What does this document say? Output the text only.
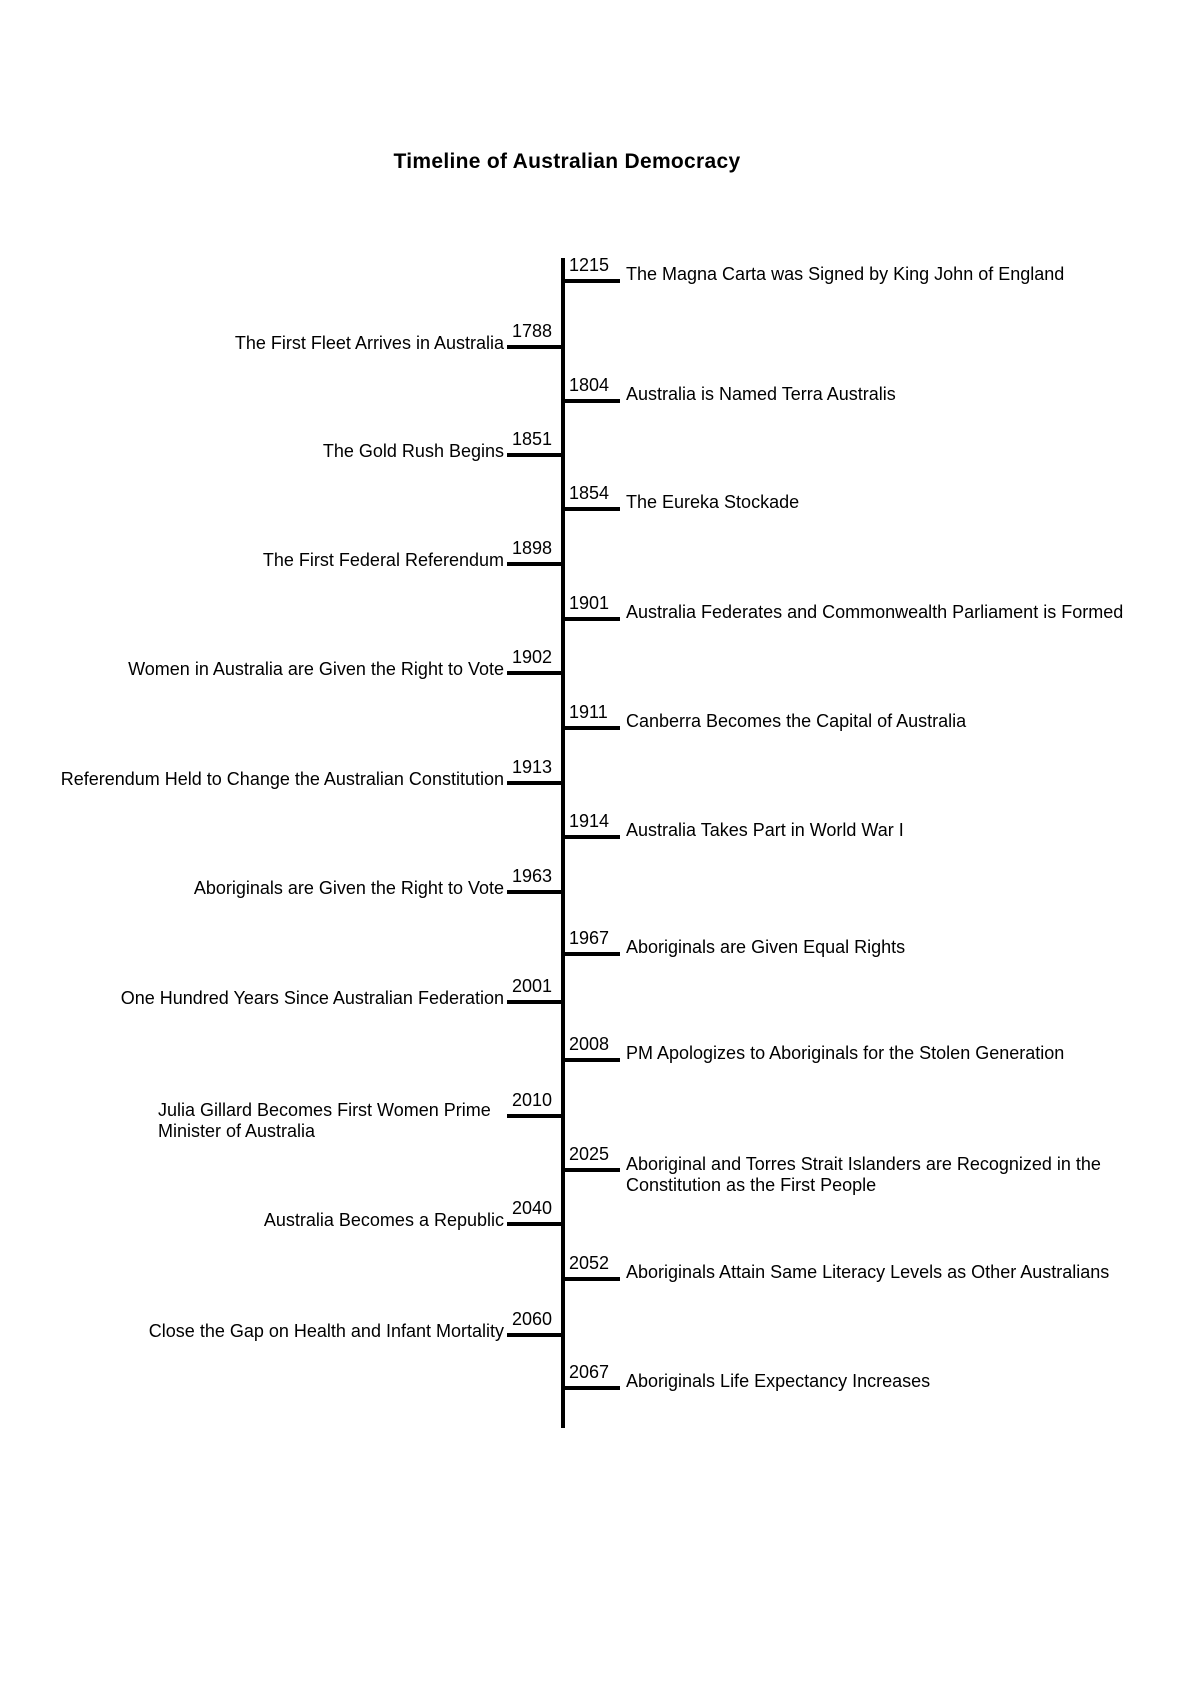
Timeline of Australian Democracy
1215 The Magna Carta was Signed by King John of England
1788
The First Fleet Arrives in Australia
1804 Australia is Named Terra Australis
1851
The Gold Rush Begins
1854 The Eureka Stockade
1898
The First Federal Referendum
1901 Australia Federates and Commonwealth Parliament is Formed
1902
Women in Australia are Given the Right to Vote
1911 Canberra Becomes the Capital of Australia
1913
Referendum Held to Change the Australian Constitution
1914 Australia Takes Part in World War I
1963
Aboriginals are Given the Right to Vote
1967 Aboriginals are Given Equal Rights
2001
One Hundred Years Since Australian Federation
2008 PM Apologizes to Aboriginals for the Stolen Generation
2010
Julia Gillard Becomes First Women Prime Minister of Australia
2025 Aboriginal and Torres Strait Islanders are Recognized in the Constitution as the First People
2040
Australia Becomes a Republic
2052 Aboriginals Attain Same Literacy Levels as Other Australians
2060
Close the Gap on Health and Infant Mortality
2067 Aboriginals Life Expectancy Increases
